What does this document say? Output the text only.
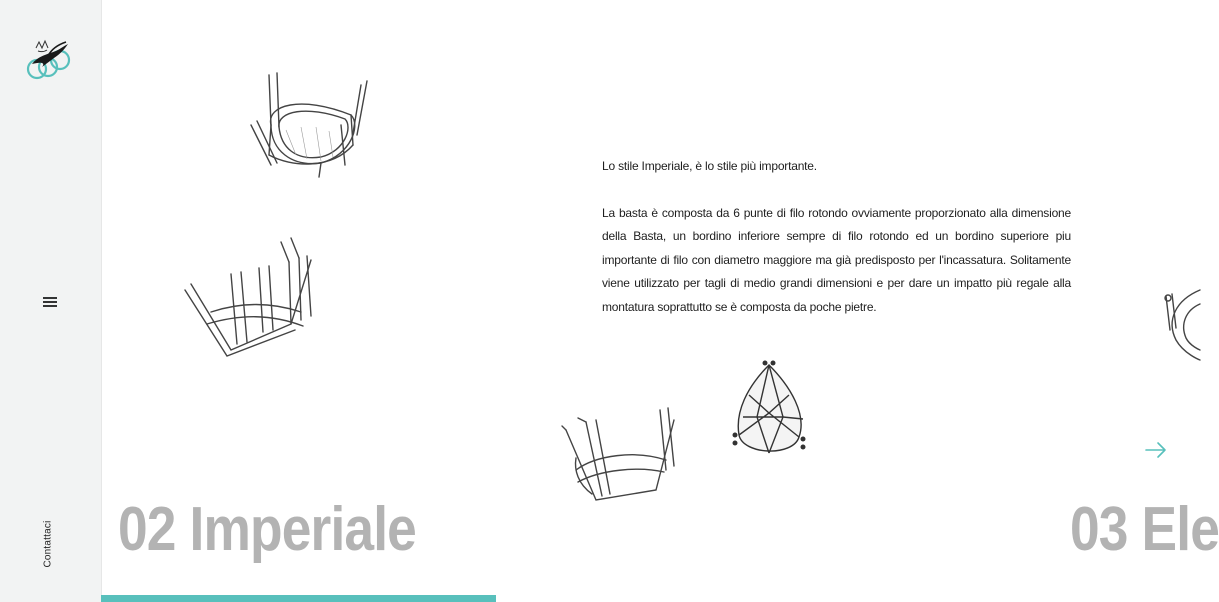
Contattaci

Lo stile Imperiale, è lo stile più importante.

La basta è composta da 6 punte di filo rotondo ovviamente proporzionato alla dimensione della Basta, un bordino inferiore sempre di filo rotondo ed un bordino superiore piu importante di filo con diametro maggiore ma già predisposto per l'incassatura. Solitamente viene utilizzato per tagli di medio grandi dimensioni e per dare un impatto più regale alla montatura soprattutto se è composta da poche pietre.

02 Imperiale	03 Ele
